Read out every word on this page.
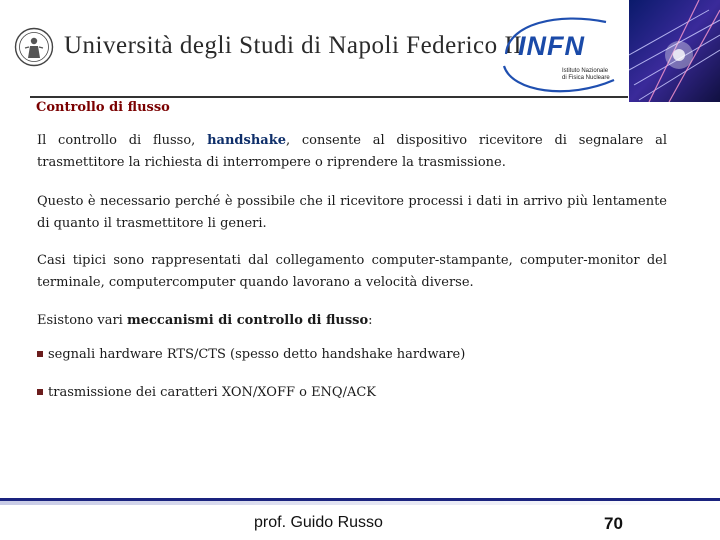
Università degli Studi di Napoli Federico II
INFN
Istituto Nazionale
di Fisica Nucleare
Controllo di flusso
Il controllo di flusso, handshake, consente al dispositivo ricevitore di segnalare al trasmettitore la richiesta di interrompere o riprendere la trasmissione.
Questo è necessario perché è possibile che il ricevitore processi i dati in arrivo più lentamente di quanto il trasmettitore li generi.
Casi tipici sono rappresentati dal collegamento computer-stampante, computer-monitor del terminale, computercomputer quando lavorano a velocità diverse.
Esistono vari meccanismi di controllo di flusso:
segnali hardware RTS/CTS (spesso detto handshake hardware)
trasmissione dei caratteri XON/XOFF o ENQ/ACK
prof. Guido Russo	70
